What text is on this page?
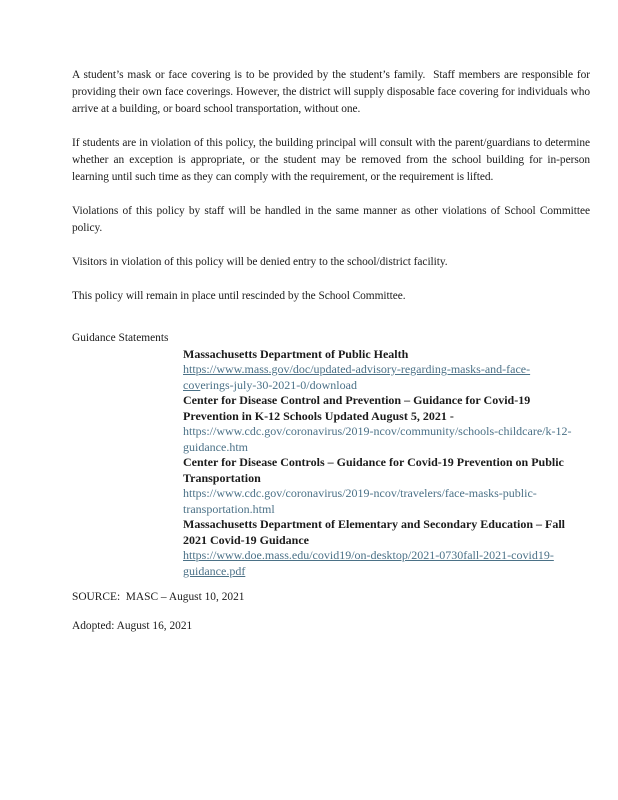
A student’s mask or face covering is to be provided by the student’s family.  Staff members are responsible for providing their own face coverings. However, the district will supply disposable face covering for individuals who arrive at a building, or board school transportation, without one.

If students are in violation of this policy, the building principal will consult with the parent/guardians to determine whether an exception is appropriate, or the student may be removed from the school building for in-person learning until such time as they can comply with the requirement, or the requirement is lifted.

Violations of this policy by staff will be handled in the same manner as other violations of School Committee policy.

Visitors in violation of this policy will be denied entry to the school/district facility.

This policy will remain in place until rescinded by the School Committee.

Guidance Statements

Massachusetts Department of Public Health
https://www.mass.gov/doc/updated-advisory-regarding-masks-and-face-
coverings-july-30-2021-0/download
Center for Disease Control and Prevention – Guidance for Covid-19
Prevention in K-12 Schools Updated August 5, 2021 -
https://www.cdc.gov/coronavirus/2019-ncov/community/schools-childcare/k-12-
guidance.htm
Center for Disease Controls – Guidance for Covid-19 Prevention on Public
Transportation
https://www.cdc.gov/coronavirus/2019-ncov/travelers/face-masks-public-
transportation.html
Massachusetts Department of Elementary and Secondary Education – Fall
2021 Covid-19 Guidance
https://www.doe.mass.edu/covid19/on-desktop/2021-0730fall-2021-covid19-
guidance.pdf

SOURCE:  MASC – August 10, 2021

Adopted: August 16, 2021
